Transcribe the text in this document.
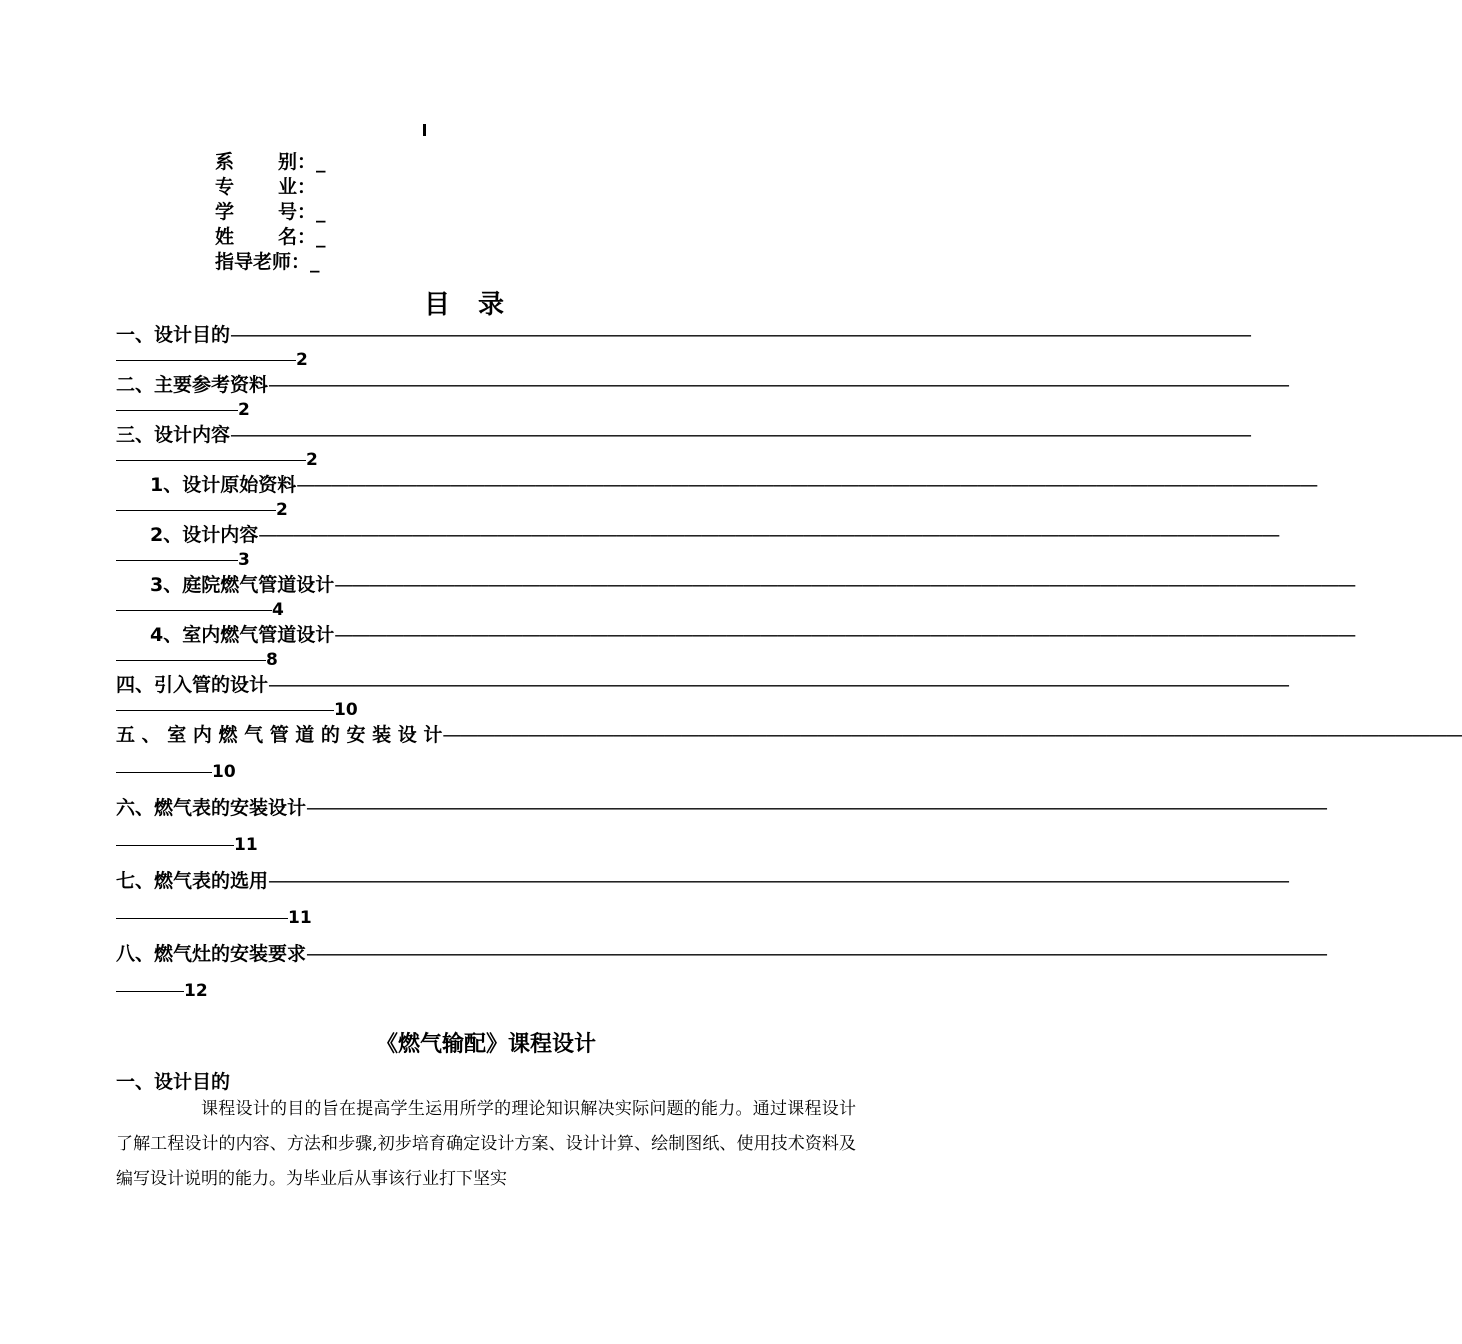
系 别：_
专 业：
学 号：_
姓 名：_
指导老师：_
目录
一、设计目的————————————————————————————————————————————————————————————
2
二、主要参考资料————————————————————————————————————————————————————————————
2
三、设计内容————————————————————————————————————————————————————————————
2
1、设计原始资料————————————————————————————————————————————————————————————
2
2、设计内容————————————————————————————————————————————————————————————
3
3、庭院燃气管道设计————————————————————————————————————————————————————————————
4
4、室内燃气管道设计————————————————————————————————————————————————————————————
8
四、引入管的设计————————————————————————————————————————————————————————————
10
五 、 室 内 燃 气 管 道 的 安 装 设 计————————————————————————————————————————————————————————————
10
六、燃气表的安装设计————————————————————————————————————————————————————————————
11
七、燃气表的选用————————————————————————————————————————————————————————————
11
八、燃气灶的安装要求————————————————————————————————————————————————————————————
12
《燃气输配》课程设计
一、设计目的
课程设计的目的旨在提高学生运用所学的理论知识解决实际问题的能力。通过课程设计了解工程设计的内容、方法和步骤,初步培育确定设计方案、设计计算、绘制图纸、使用技术资料及编写设计说明的能力。为毕业后从事该行业打下坚实
